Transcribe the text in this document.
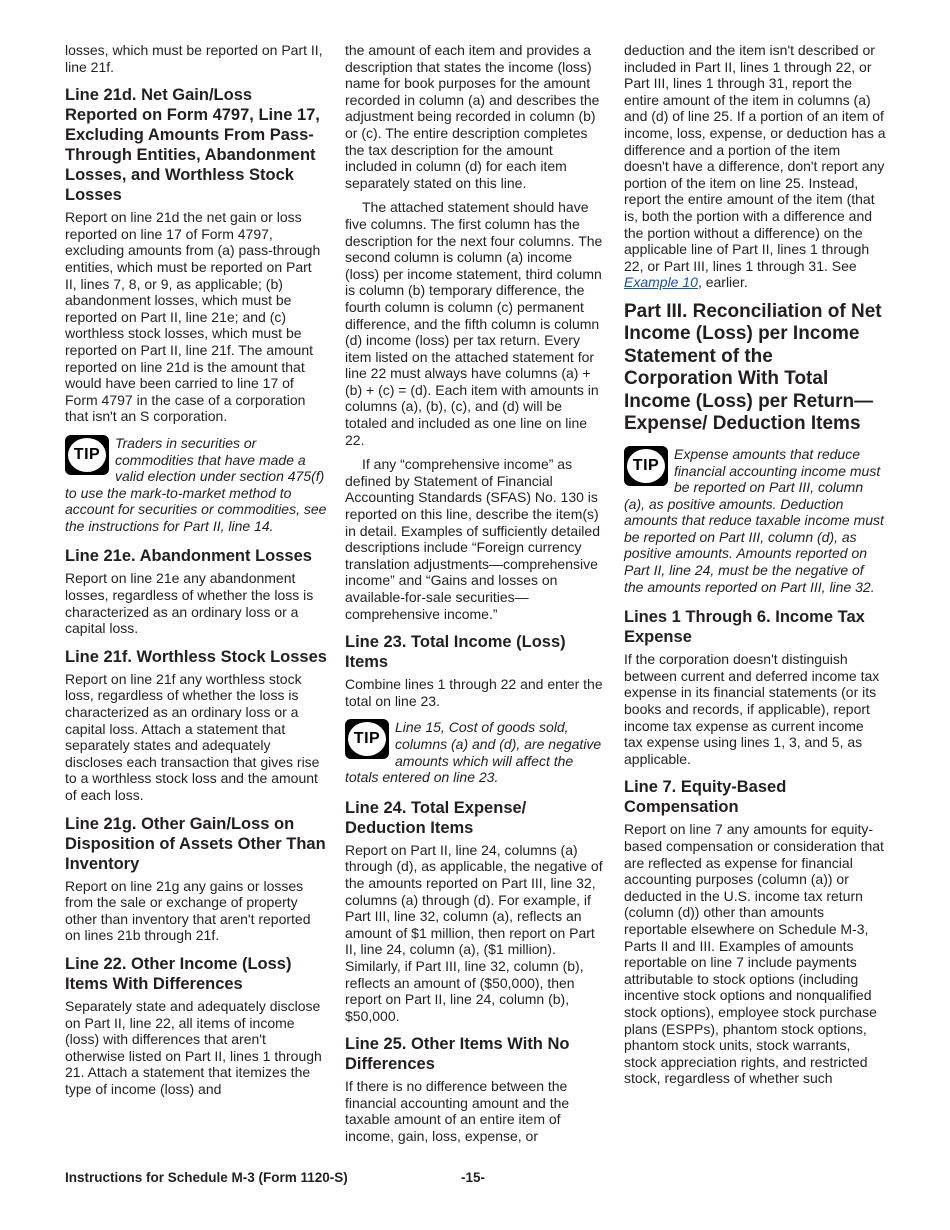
losses, which must be reported on Part II, line 21f.

Line 21d. Net Gain/Loss Reported on Form 4797, Line 17, Excluding Amounts From Pass-Through Entities, Abandonment Losses, and Worthless Stock Losses

Report on line 21d the net gain or loss reported on line 17 of Form 4797, excluding amounts from (a) pass-through entities, which must be reported on Part II, lines 7, 8, or 9, as applicable; (b) abandonment losses, which must be reported on Part II, line 21e; and (c) worthless stock losses, which must be reported on Part II, line 21f. The amount reported on line 21d is the amount that would have been carried to line 17 of Form 4797 in the case of a corporation that isn't an S corporation.

TIP
Traders in securities or commodities that have made a valid election under section 475(f) to use the mark-to-market method to account for securities or commodities, see the instructions for Part II, line 14.
Line 21e. Abandonment Losses

Report on line 21e any abandonment losses, regardless of whether the loss is characterized as an ordinary loss or a capital loss.

Line 21f. Worthless Stock Losses

Report on line 21f any worthless stock loss, regardless of whether the loss is characterized as an ordinary loss or a capital loss. Attach a statement that separately states and adequately discloses each transaction that gives rise to a worthless stock loss and the amount of each loss.

Line 21g. Other Gain/Loss on Disposition of Assets Other Than Inventory

Report on line 21g any gains or losses from the sale or exchange of property other than inventory that aren't reported on lines 21b through 21f.

Line 22. Other Income (Loss) Items With Differences

Separately state and adequately disclose on Part II, line 22, all items of income (loss) with differences that aren't otherwise listed on Part II, lines 1 through 21. Attach a statement that itemizes the type of income (loss) and

the amount of each item and provides a description that states the income (loss) name for book purposes for the amount recorded in column (a) and describes the adjustment being recorded in column (b) or (c). The entire description completes the tax description for the amount included in column (d) for each item separately stated on this line.

The attached statement should have five columns. The first column has the description for the next four columns. The second column is column (a) income (loss) per income statement, third column is column (b) temporary difference, the fourth column is column (c) permanent difference, and the fifth column is column (d) income (loss) per tax return. Every item listed on the attached statement for line 22 must always have columns (a) + (b) + (c) = (d). Each item with amounts in columns (a), (b), (c), and (d) will be totaled and included as one line on line 22.

If any “comprehensive income” as defined by Statement of Financial Accounting Standards (SFAS) No. 130 is reported on this line, describe the item(s) in detail. Examples of sufficiently detailed descriptions include “Foreign currency translation adjustments—comprehensive income” and “Gains and losses on available-for-sale securities—comprehensive income.”

Line 23. Total Income (Loss) Items

Combine lines 1 through 22 and enter the total on line 23.

TIP
Line 15, Cost of goods sold, columns (a) and (d), are negative amounts which will affect the totals entered on line 23.
Line 24. Total Expense/ Deduction Items

Report on Part II, line 24, columns (a) through (d), as applicable, the negative of the amounts reported on Part III, line 32, columns (a) through (d). For example, if Part III, line 32, column (a), reflects an amount of $1 million, then report on Part II, line 24, column (a), ($1 million). Similarly, if Part III, line 32, column (b), reflects an amount of ($50,000), then report on Part II, line 24, column (b), $50,000.

Line 25. Other Items With No Differences

If there is no difference between the financial accounting amount and the taxable amount of an entire item of income, gain, loss, expense, or

deduction and the item isn't described or included in Part II, lines 1 through 22, or Part III, lines 1 through 31, report the entire amount of the item in columns (a) and (d) of line 25. If a portion of an item of income, loss, expense, or deduction has a difference and a portion of the item doesn't have a difference, don't report any portion of the item on line 25. Instead, report the entire amount of the item (that is, both the portion with a difference and the portion without a difference) on the applicable line of Part II, lines 1 through 22, or Part III, lines 1 through 31. See Example 10, earlier.

Part III. Reconciliation of Net Income (Loss) per Income Statement of the Corporation With Total Income (Loss) per Return—Expense/ Deduction Items
TIP
Expense amounts that reduce financial accounting income must be reported on Part III, column (a), as positive amounts. Deduction amounts that reduce taxable income must be reported on Part III, column (d), as positive amounts. Amounts reported on Part II, line 24, must be the negative of the amounts reported on Part III, line 32.
Lines 1 Through 6. Income Tax Expense

If the corporation doesn't distinguish between current and deferred income tax expense in its financial statements (or its books and records, if applicable), report income tax expense as current income tax expense using lines 1, 3, and 5, as applicable.

Line 7. Equity-Based Compensation

Report on line 7 any amounts for equity-based compensation or consideration that are reflected as expense for financial accounting purposes (column (a)) or deducted in the U.S. income tax return (column (d)) other than amounts reportable elsewhere on Schedule M-3, Parts II and III. Examples of amounts reportable on line 7 include payments attributable to stock options (including incentive stock options and nonqualified stock options), employee stock purchase plans (ESPPs), phantom stock options, phantom stock units, stock warrants, stock appreciation rights, and restricted stock, regardless of whether such

Instructions for Schedule M-3 (Form 1120-S)	-15-
